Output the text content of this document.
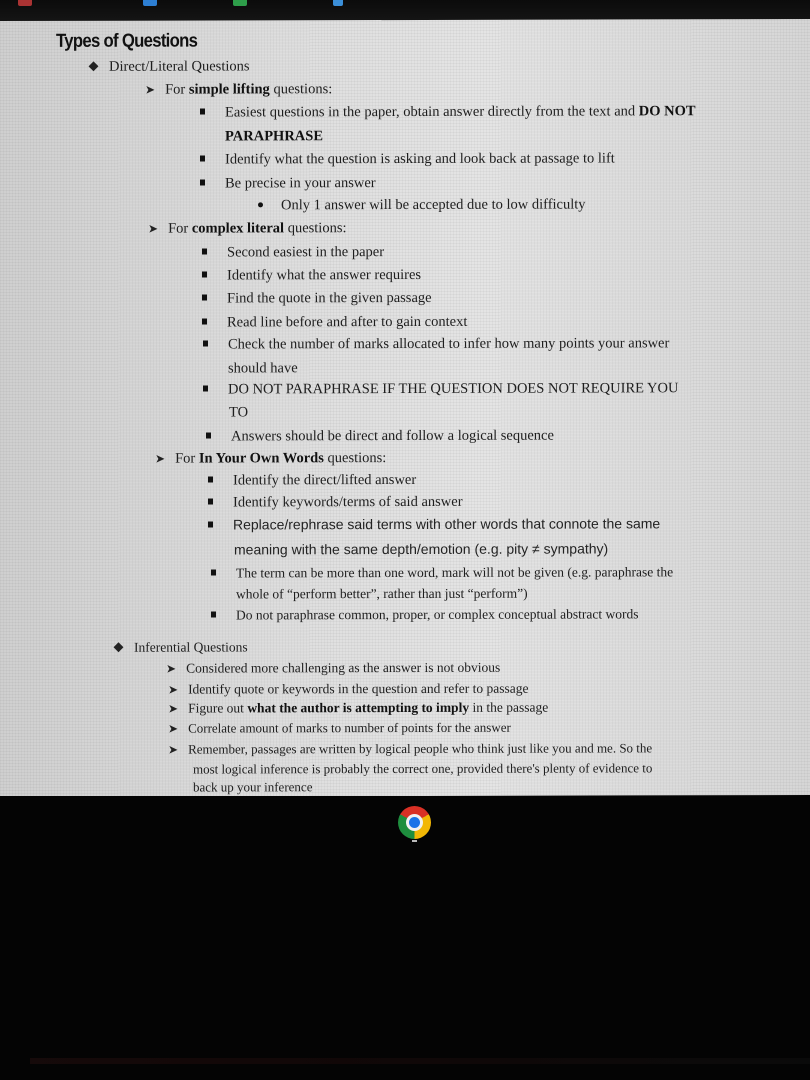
Types of Questions
Direct/Literal Questions
➤ For simple lifting questions:
Easiest questions in the paper, obtain answer directly from the text and DO NOT
PARAPHRASE
Identify what the question is asking and look back at passage to lift
Be precise in your answer
Only 1 answer will be accepted due to low difficulty
➤ For complex literal questions:
Second easiest in the paper
Identify what the answer requires
Find the quote in the given passage
Read line before and after to gain context
Check the number of marks allocated to infer how many points your answer
should have
DO NOT PARAPHRASE IF THE QUESTION DOES NOT REQUIRE YOU
TO
Answers should be direct and follow a logical sequence
➤ For In Your Own Words questions:
Identify the direct/lifted answer
Identify keywords/terms of said answer
Replace/rephrase said terms with other words that connote the same
meaning with the same depth/emotion (e.g. pity ≠ sympathy)
The term can be more than one word, mark will not be given (e.g. paraphrase the
whole of “perform better”, rather than just “perform”)
Do not paraphrase common, proper, or complex conceptual abstract words
Inferential Questions
➤ Considered more challenging as the answer is not obvious
➤ Identify quote or keywords in the question and refer to passage
➤ Figure out what the author is attempting to imply in the passage
➤ Correlate amount of marks to number of points for the answer
➤ Remember, passages are written by logical people who think just like you and me. So the
most logical inference is probably the correct one, provided there's plenty of evidence to
back up your inference
